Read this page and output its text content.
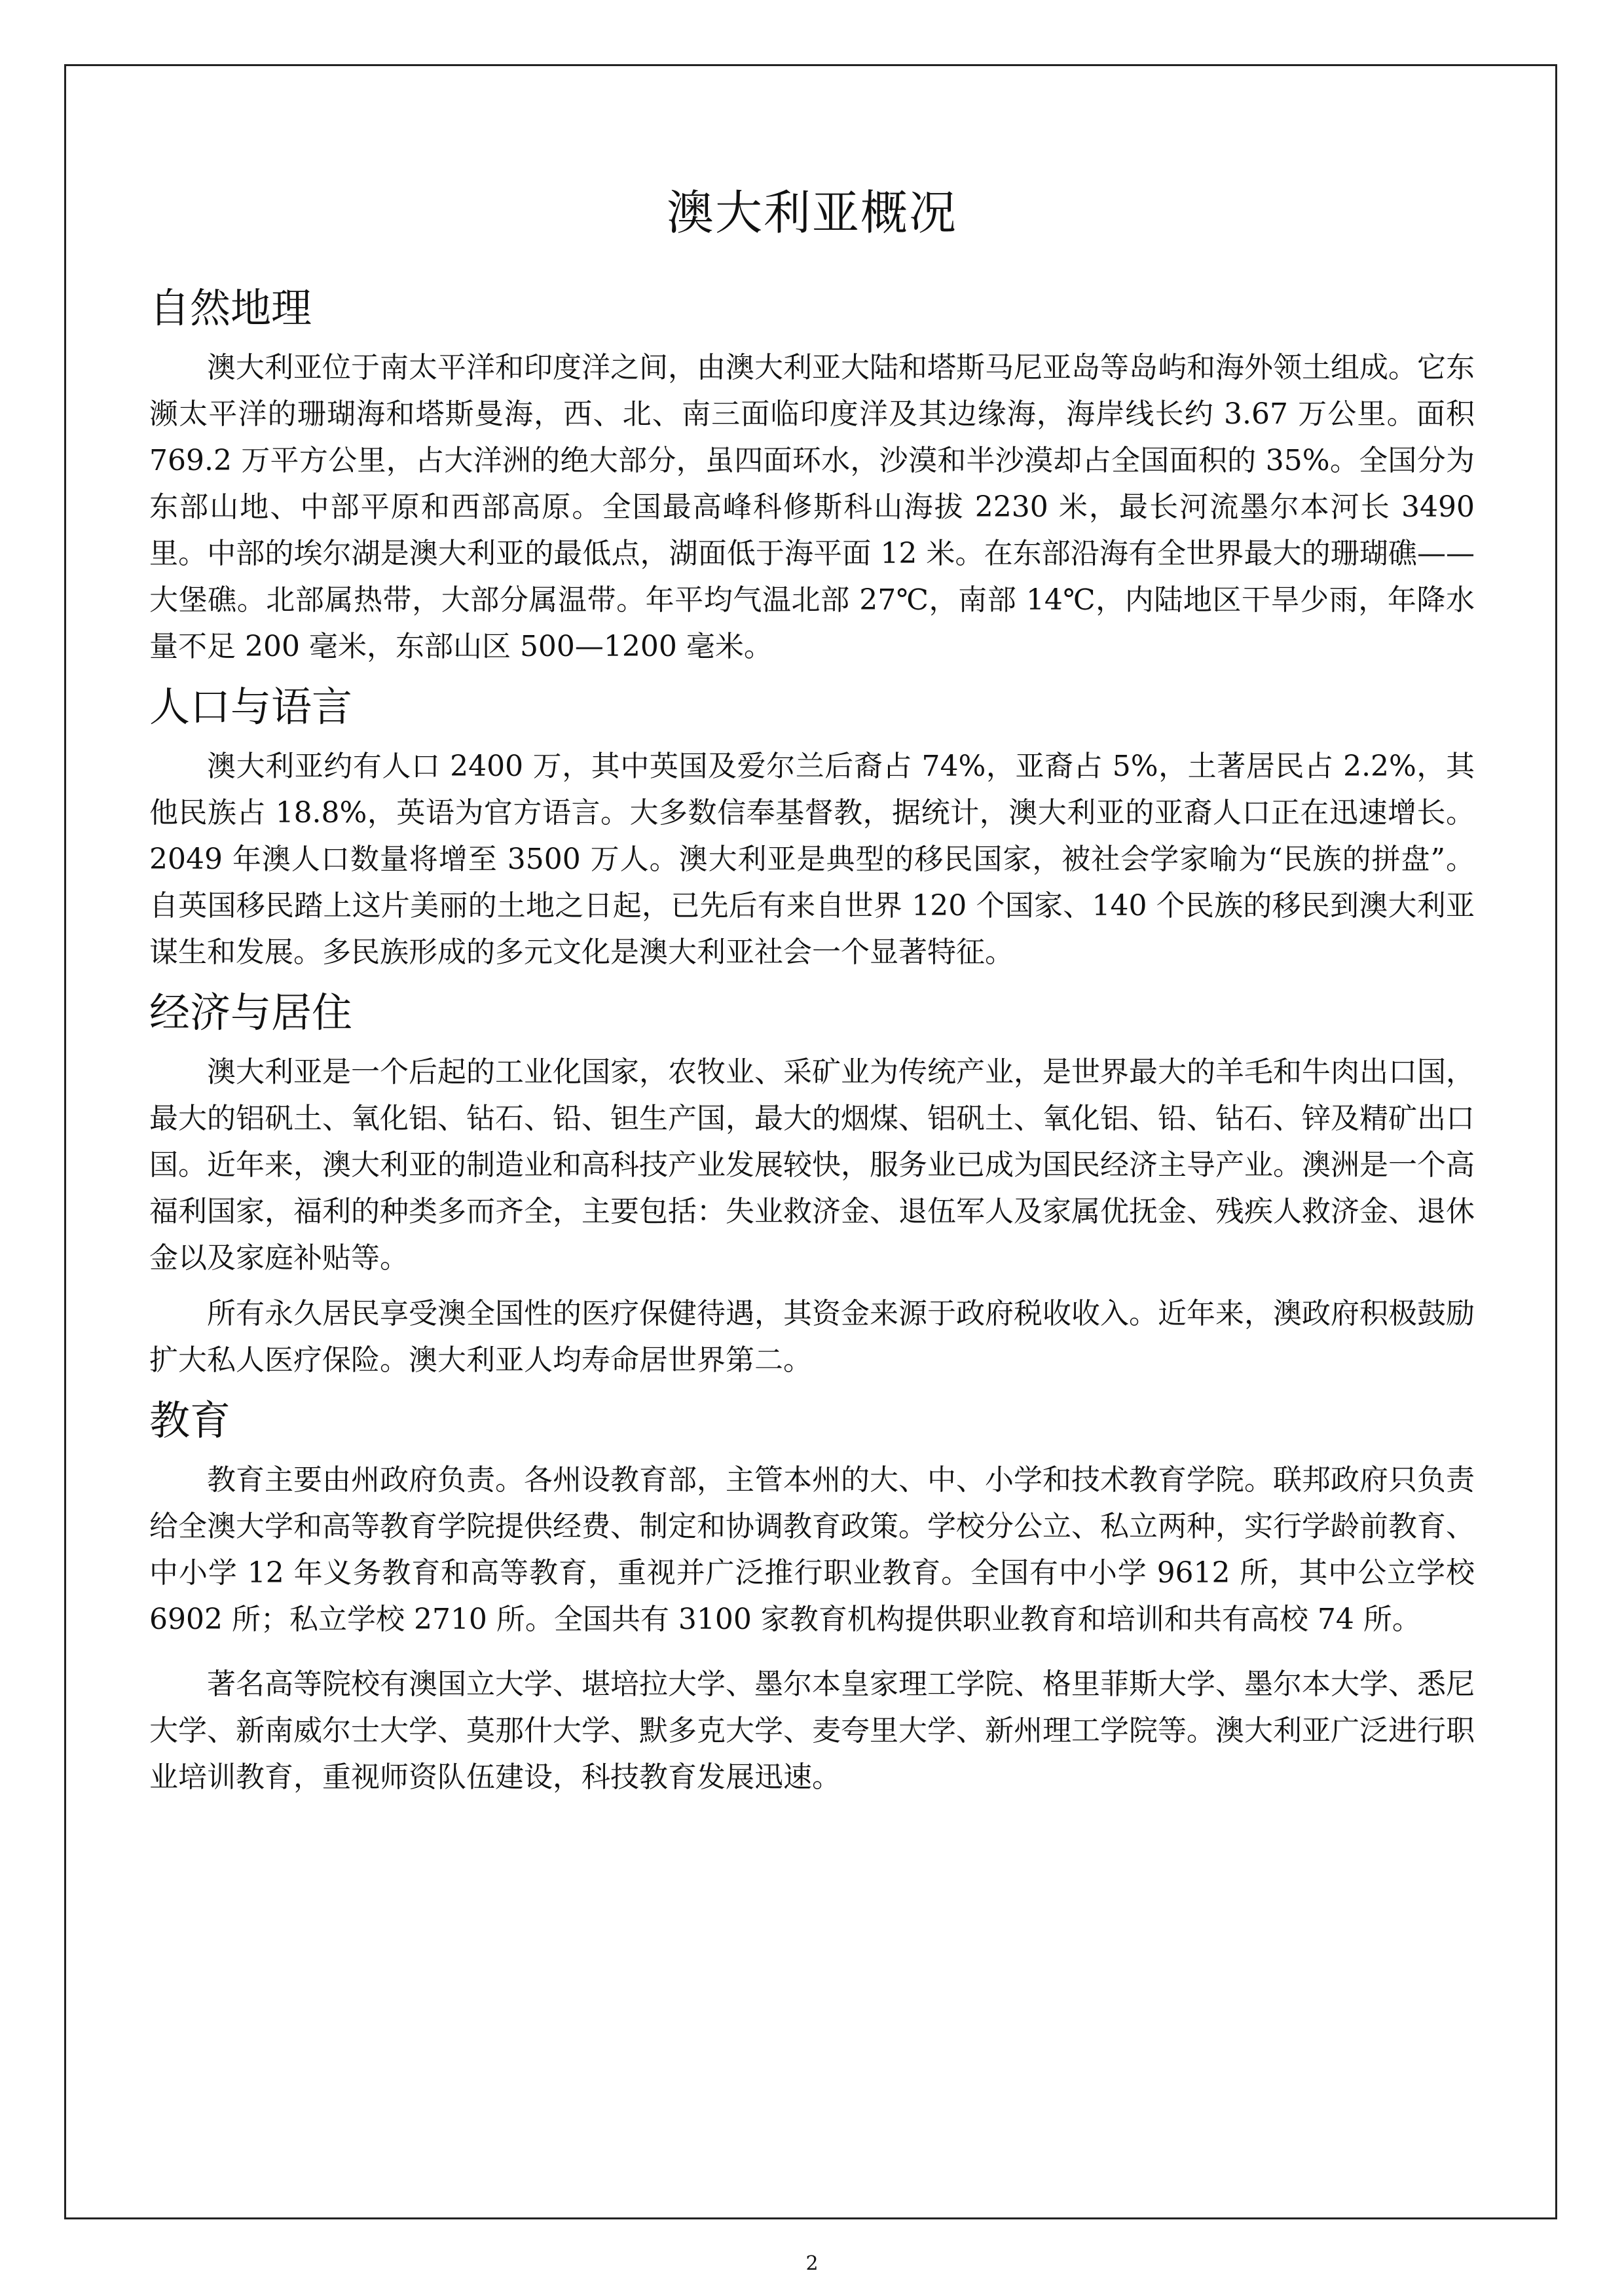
澳大利亚概况
自然地理

澳大利亚位于南太平洋和印度洋之间，由澳大利亚大陆和塔斯马尼亚岛等岛屿和海外领土组成。它东濒太平洋的珊瑚海和塔斯曼海，西、北、南三面临印度洋及其边缘海，海岸线长约 3.67 万公里。面积 769.2 万平方公里，占大洋洲的绝大部分，虽四面环水，沙漠和半沙漠却占全国面积的 35%。全国分为东部山地、中部平原和西部高原。全国最高峰科修斯科山海拔 2230 米，最长河流墨尔本河长 3490 里。中部的埃尔湖是澳大利亚的最低点，湖面低于海平面 12 米。在东部沿海有全世界最大的珊瑚礁——大堡礁。北部属热带，大部分属温带。年平均气温北部 27℃，南部 14℃，内陆地区干旱少雨，年降水量不足 200 毫米，东部山区 500—1200 毫米。

人口与语言

澳大利亚约有人口 2400 万，其中英国及爱尔兰后裔占 74%，亚裔占 5%，土著居民占 2.2%，其他民族占 18.8%，英语为官方语言。大多数信奉基督教，据统计，澳大利亚的亚裔人口正在迅速增长。2049 年澳人口数量将增至 3500 万人。澳大利亚是典型的移民国家，被社会学家喻为“民族的拼盘”。自英国移民踏上这片美丽的土地之日起，已先后有来自世界 120 个国家、140 个民族的移民到澳大利亚谋生和发展。多民族形成的多元文化是澳大利亚社会一个显著特征。

经济与居住

澳大利亚是一个后起的工业化国家，农牧业、采矿业为传统产业，是世界最大的羊毛和牛肉出口国，最大的铝矾土、氧化铝、钻石、铅、钽生产国，最大的烟煤、铝矾土、氧化铝、铅、钻石、锌及精矿出口国。近年来，澳大利亚的制造业和高科技产业发展较快，服务业已成为国民经济主导产业。澳洲是一个高福利国家，福利的种类多而齐全，主要包括：失业救济金、退伍军人及家属优抚金、残疾人救济金、退休金以及家庭补贴等。

所有永久居民享受澳全国性的医疗保健待遇，其资金来源于政府税收收入。近年来，澳政府积极鼓励扩大私人医疗保险。澳大利亚人均寿命居世界第二。

教育

教育主要由州政府负责。各州设教育部，主管本州的大、中、小学和技术教育学院。联邦政府只负责给全澳大学和高等教育学院提供经费、制定和协调教育政策。学校分公立、私立两种，实行学龄前教育、中小学 12 年义务教育和高等教育，重视并广泛推行职业教育。全国有中小学 9612 所，其中公立学校 6902 所；私立学校 2710 所。全国共有 3100 家教育机构提供职业教育和培训和共有高校 74 所。

著名高等院校有澳国立大学、堪培拉大学、墨尔本皇家理工学院、格里菲斯大学、墨尔本大学、悉尼大学、新南威尔士大学、莫那什大学、默多克大学、麦夸里大学、新州理工学院等。澳大利亚广泛进行职业培训教育，重视师资队伍建设，科技教育发展迅速。

2
